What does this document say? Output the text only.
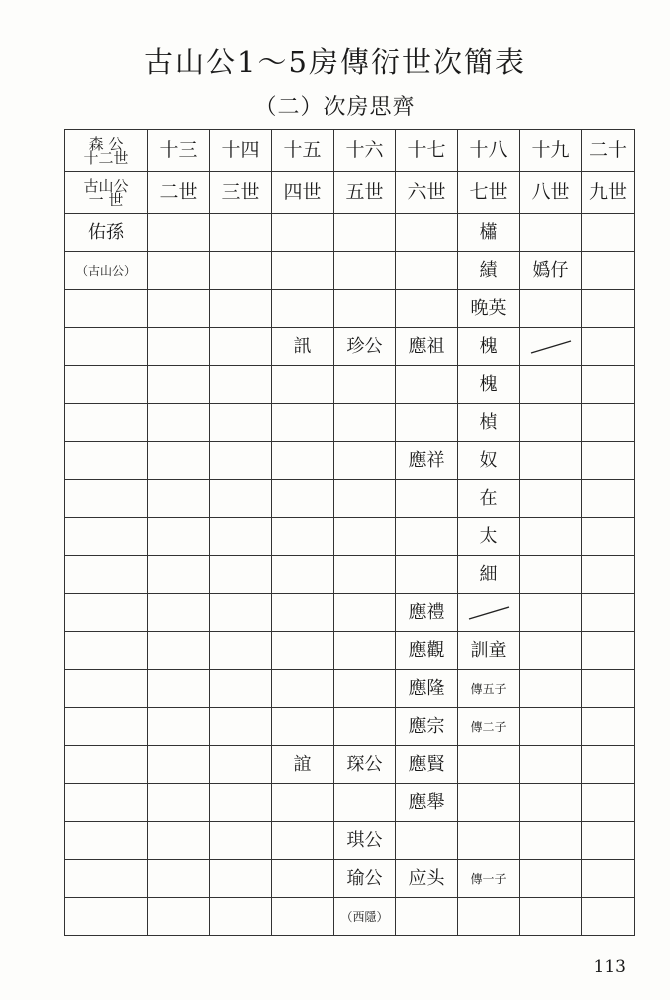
古山公1～5房傳衍世次簡表
（二）次房思齊
森 公
十二世	十三	十四	十五	十六	十七	十八	十九	二十

古山公
一 世	二世	三世	四世	五世	六世	七世	八世	九世
佑孫						櫹		
（古山公）						績	嬀仔	
						晚英		
			訊	珍公	應祖	槐	

						槐		
						楨		
					應祥	奴		
						在		
						太		
						細		
					應禮	

					應觀	訓童		
					應隆	傳五子		
					應宗	傳二子		
			誼	琛公	應賢			
					應舉			
				琪公				
				瑜公	应头	傳一子		
				（西隱）				
113
